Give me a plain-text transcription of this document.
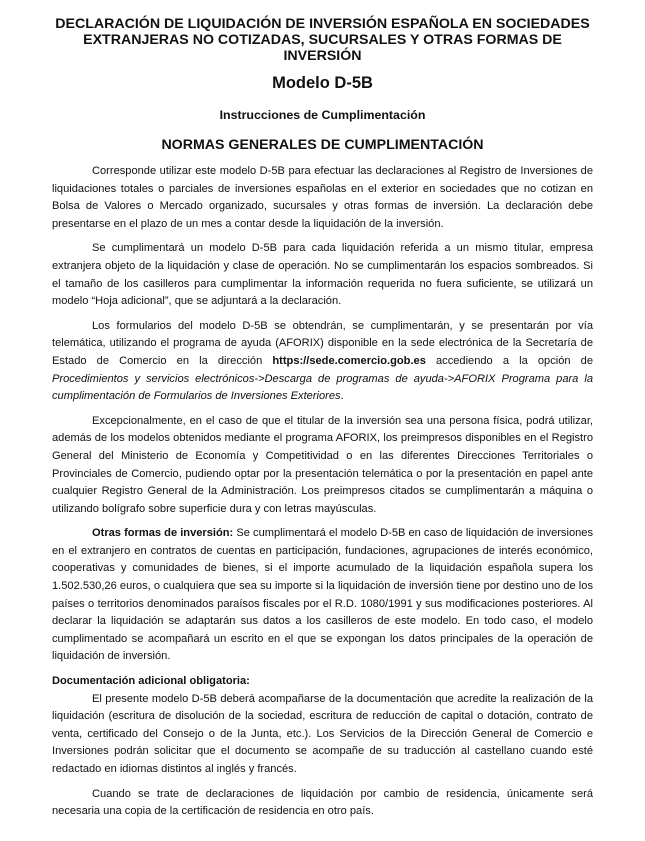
DECLARACIÓN DE LIQUIDACIÓN DE INVERSIÓN ESPAÑOLA EN SOCIEDADES EXTRANJERAS NO COTIZADAS, SUCURSALES Y OTRAS FORMAS DE INVERSIÓN
Modelo D-5B
Instrucciones de Cumplimentación
NORMAS GENERALES DE CUMPLIMENTACIÓN

Corresponde utilizar este modelo D-5B para efectuar las declaraciones al Registro de Inversiones de liquidaciones totales o parciales de inversiones españolas en el exterior en sociedades que no cotizan en Bolsa de Valores o Mercado organizado, sucursales y otras formas de inversión. La declaración debe presentarse en el plazo de un mes a contar desde la liquidación de la inversión.

Se cumplimentará un modelo D-5B para cada liquidación referida a un mismo titular, empresa extranjera objeto de la liquidación y clase de operación. No se cumplimentarán los espacios sombreados. Si el tamaño de los casilleros para cumplimentar la información requerida no fuera suficiente, se utilizará un modelo “Hoja adicional”, que se adjuntará a la declaración.

Los formularios del modelo D-5B se obtendrán, se cumplimentarán, y se presentarán por vía telemática, utilizando el programa de ayuda (AFORIX) disponible en la sede electrónica de la Secretaría de Estado de Comercio en la dirección https://sede.comercio.gob.es accediendo a la opción de Procedimientos y servicios electrónicos->Descarga de programas de ayuda->AFORIX Programa para la cumplimentación de Formularios de Inversiones Exteriores.

Excepcionalmente, en el caso de que el titular de la inversión sea una persona física, podrá utilizar, además de los modelos obtenidos mediante el programa AFORIX, los preimpresos disponibles en el Registro General del Ministerio de Economía y Competitividad o en las diferentes Direcciones Territoriales o Provinciales de Comercio, pudiendo optar por la presentación telemática o por la presentación en papel ante cualquier Registro General de la Administración. Los preimpresos citados se cumplimentarán a máquina o utilizando bolígrafo sobre superficie dura y con letras mayúsculas.

Otras formas de inversión: Se cumplimentará el modelo D-5B en caso de liquidación de inversiones en el extranjero en contratos de cuentas en participación, fundaciones, agrupaciones de interés económico, cooperativas y comunidades de bienes, si el importe acumulado de la liquidación española supera los 1.502.530,26 euros, o cualquiera que sea su importe si la liquidación de inversión tiene por destino uno de los países o territorios denominados paraísos fiscales por el R.D. 1080/1991 y sus modificaciones posteriores. Al declarar la liquidación se adaptarán sus datos a los casilleros de este modelo. En todo caso, el modelo cumplimentado se acompañará un escrito en el que se expongan los datos principales de la operación de liquidación de inversión.

Documentación adicional obligatoria:

El presente modelo D-5B deberá acompañarse de la documentación que acredite la realización de la liquidación (escritura de disolución de la sociedad, escritura de reducción de capital o dotación, contrato de venta, certificado del Consejo o de la Junta, etc.). Los Servicios de la Dirección General de Comercio e Inversiones podrán solicitar que el documento se acompañe de su traducción al castellano cuando esté redactado en idiomas distintos al inglés y francés.

Cuando se trate de declaraciones de liquidación por cambio de residencia, únicamente será necesaria una copia de la certificación de residencia en otro país.
